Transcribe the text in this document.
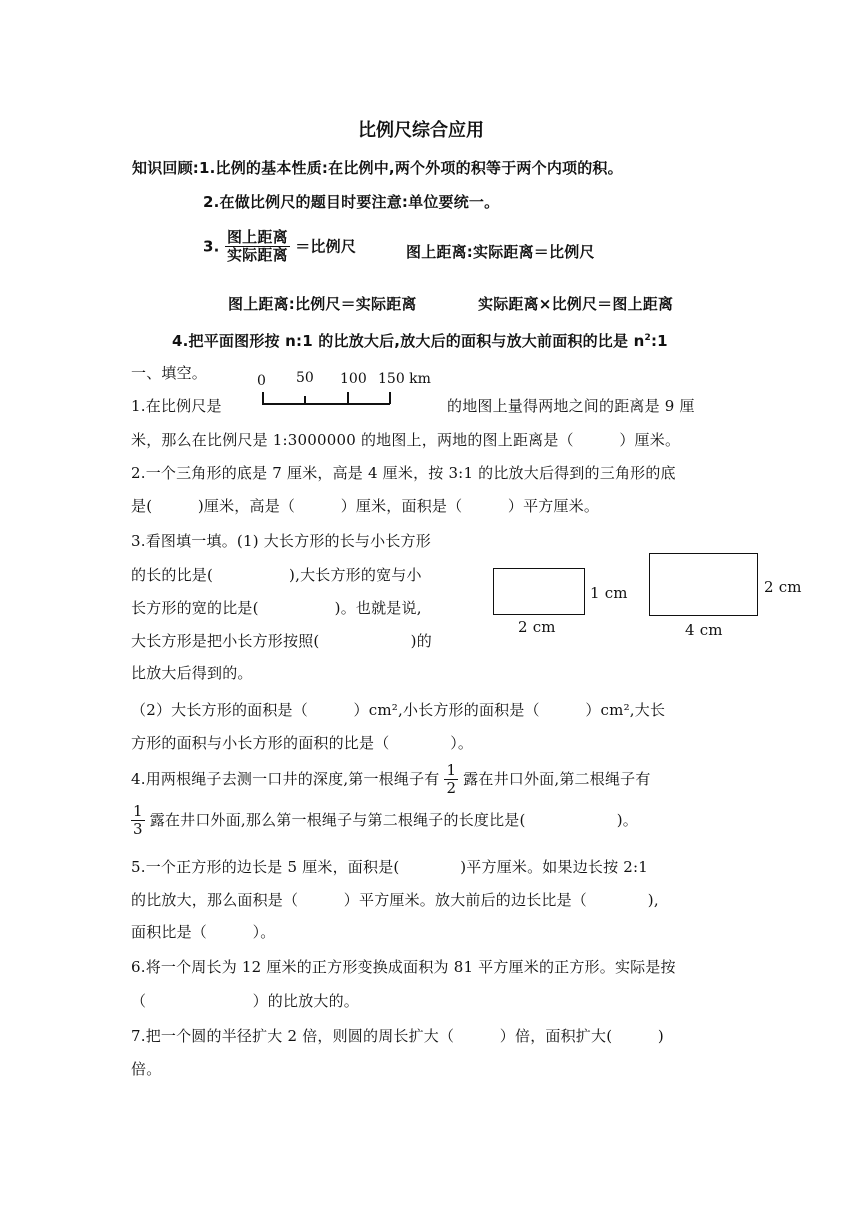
比例尺综合应用
知识回顾:1.比例的基本性质:在比例中,两个外项的积等于两个内项的积。
2.在做比例尺的题目时要注意:单位要统一。
3. $\frac{\text{图上距离}}{\text{实际距离}}$ ＝比例尺	图上距离:实际距离＝比例尺
图上距离:比例尺＝实际距离	实际距离×比例尺＝图上距离
4.把平面图形按 n:1 的比放大后,放大后的面积与放大前面积的比是 $n^2:1$
一、填空。	0 50 100 150 km
1.在比例尺是	的地图上量得两地之间的距离是 9 厘
米，那么在比例尺是 1:3000000 的地图上，两地的图上距离是（　　　）厘米。
2.一个三角形的底是 7 厘米，高是 4 厘米，按 3:1 的比放大后得到的三角形的底
是(　　　)厘米，高是（　　　）厘米，面积是（　　　）平方厘米。
3.看图填一填。(1) 大长方形的长与小长方形
的长的比是(　　　　　),大长方形的宽与小
长方形的宽的比是(　　　　　)。也就是说,
大长方形是把小长方形按照(　　　　　　)的
比放大后得到的。
2 cm
1 cm
4 cm
2 cm
（2）大长方形的面积是（　　　）cm²,小长方形的面积是（　　　）cm²,大长
方形的面积与小长方形的面积的比是（　　　　）。
4.用两根绳子去测一口井的深度,第一根绳子有 $\frac{1}{2}$ 露在井口外面,第二根绳子有
$\frac{1}{3}$ 露在井口外面,那么第一根绳子与第二根绳子的长度比是(　　　　　　)。
5.一个正方形的边长是 5 厘米，面积是(　　　　)平方厘米。如果边长按 2:1
的比放大，那么面积是（　　　）平方厘米。放大前后的边长比是（　　　　),
面积比是（　　　）。
6.将一个周长为 12 厘米的正方形变换成面积为 81 平方厘米的正方形。实际是按
（　　　　　　　）的比放大的。
7.把一个圆的半径扩大 2 倍，则圆的周长扩大（　　　）倍，面积扩大(　　　)
倍。
